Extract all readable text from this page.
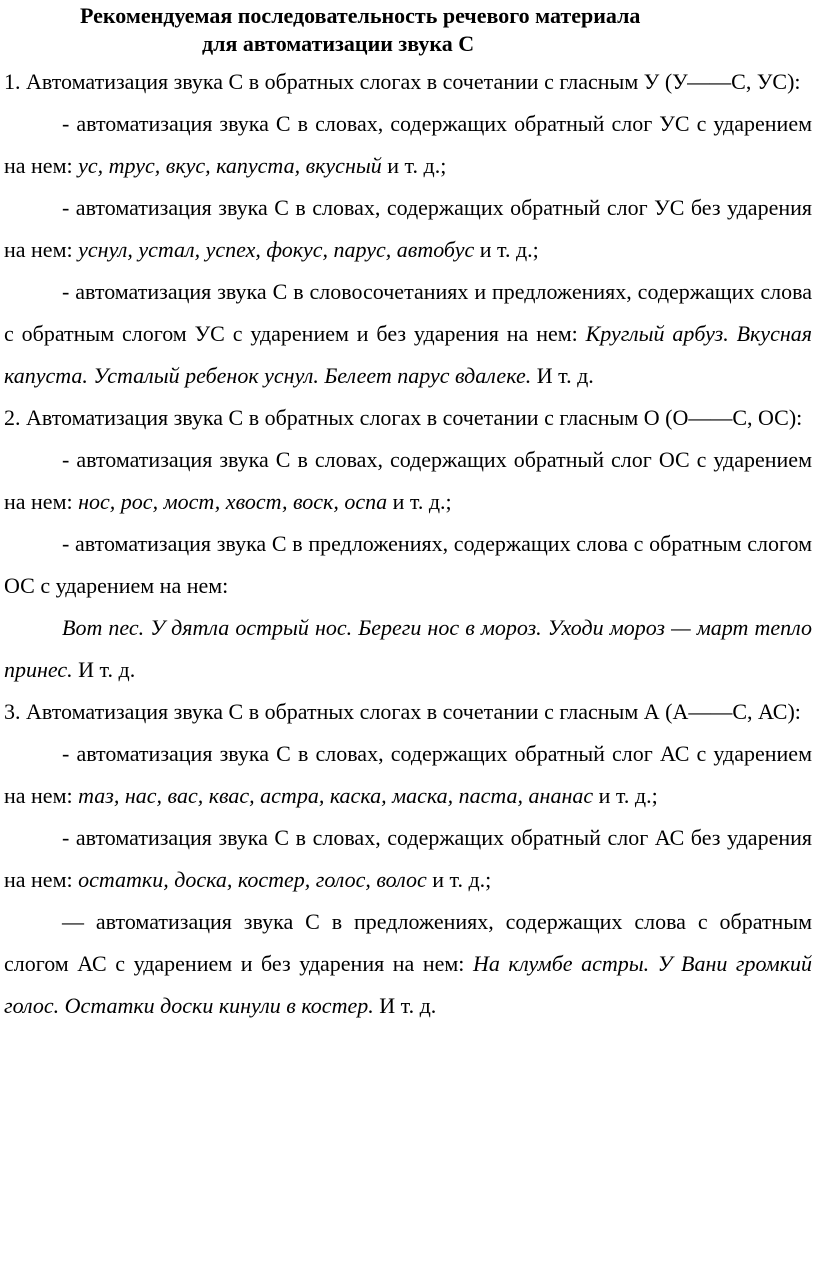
Рекомендуемая последовательность речевого материала

для автоматизации звука С

1. Автоматизация звука С в обратных слогах в сочетании с гласным У (У——С, УС):

- автоматизация звука С в словах, содержащих обратный слог УС с ударением на нем: ус, трус, вкус, капуста, вкусный и т. д.;

- автоматизация звука С в словах, содержащих обратный слог УС без ударения на нем: уснул, устал, успех, фокус, парус, автобус и т. д.;

- автоматизация звука С в словосочетаниях и предложениях, содержащих слова с обратным слогом УС с ударением и без ударения на нем: Круглый арбуз. Вкусная капуста. Усталый ребенок уснул. Белеет парус вдалеке. И т. д.

2. Автоматизация звука С в обратных слогах в сочетании с гласным О (О——С, ОС):

- автоматизация звука С в словах, содержащих обратный слог ОС с ударением на нем: нос, рос, мост, хвост, воск, оспа и т. д.;

- автоматизация звука С в предложениях, содержащих слова с обратным слогом ОС с ударением на нем:

Вот пес. У дятла острый нос. Береги нос в мороз. Уходи мороз — март тепло принес. И т. д.

3. Автоматизация звука С в обратных слогах в сочетании с гласным А (А——С, АС):

- автоматизация звука С в словах, содержащих обратный слог АС с ударением на нем: таз, нас, вас, квас, астра, каска, маска, паста, ананас и т. д.;

- автоматизация звука С в словах, содержащих обратный слог АС без ударения на нем: остатки, доска, костер, голос, волос и т. д.;

— автоматизация звука С в предложениях, содержащих слова с обратным слогом АС с ударением и без ударения на нем: На клумбе астры. У Вани громкий голос. Остатки доски кинули в костер. И т. д.
